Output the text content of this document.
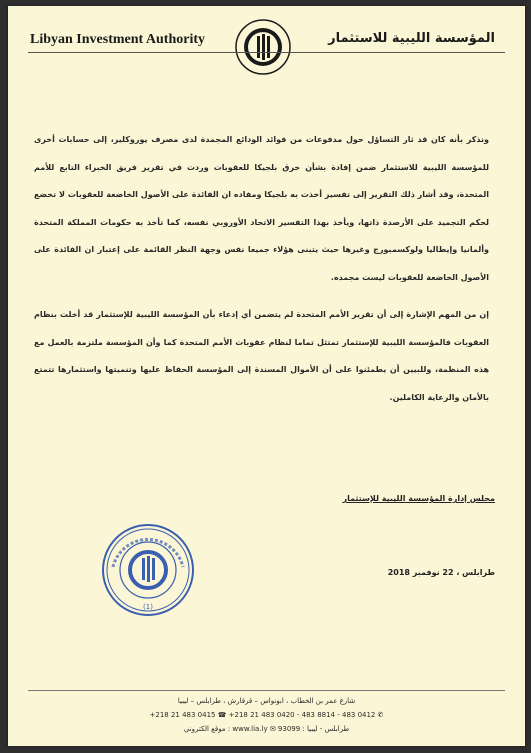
Libyan Investment Authority	المؤسسة الليبية للاستثمار

ونذكر بأنه كان قد ثار التساؤل حول مدفوعات من فوائد الودائع المجمدة لدى مصرف يوروكلير، إلى حسابات أخرى للمؤسسة الليبية للاستثمار ضمن إفادة بشأن خرق بلجيكا للعقوبات وردت في تقرير فريق الخبراء التابع للأمم المتحدة، وقد أشار ذلك التقرير إلى تفسير أخذت به بلجيكا ومفاده ان الفائدة على الأصول الخاضعة للعقوبات لا تخضع لحكم التجميد على الأرصدة ذاتها، ويأخذ بهذا التفسير الاتحاد الأوروبي نفسه، كما تأخذ به حكومات المملكة المتحدة وألمانيا وإيطاليا ولوكسمبورج وغيرها حيث يتبنى هؤلاء جميعا نفس وجهة النظر القائمة على إعتبار ان الفائدة على الأصول الخاضعة للعقوبات ليست مجمده.

إن من المهم الإشارة إلى أن تقرير الأمم المتحدة لم يتضمن أي إدعاء بأن المؤسسة الليبية للإستثمار قد أخلت بنظام العقوبات فالمؤسسة الليبية للإستثمار تمتثل تماما لنظام عقوبات الأمم المتحدة كما وأن المؤسسة ملتزمة بالعمل مع هذه المنظمة، وللبيين أن يطمئنوا على أن الأموال المسندة إلى المؤسسة الحفاظ عليها وتنميتها واستثمارها تتمتع بالأمان والرعاية الكاملين.

مجلس إدارة المؤسسة الليبية للإستثمار
(1)
طرابلس ، 22 نوفمبر 2018
شارع عمر بن الخطاب ، ابونواس – قرقارش ، طرابلس – ليبيا
+218 21 483 0415 ☎ +218 21 483 0420 - 483 8814 - 483 0412 ✆
موقع الكتروني : www.lia.ly ✉ 93099 : طرابلس - ليبيا
